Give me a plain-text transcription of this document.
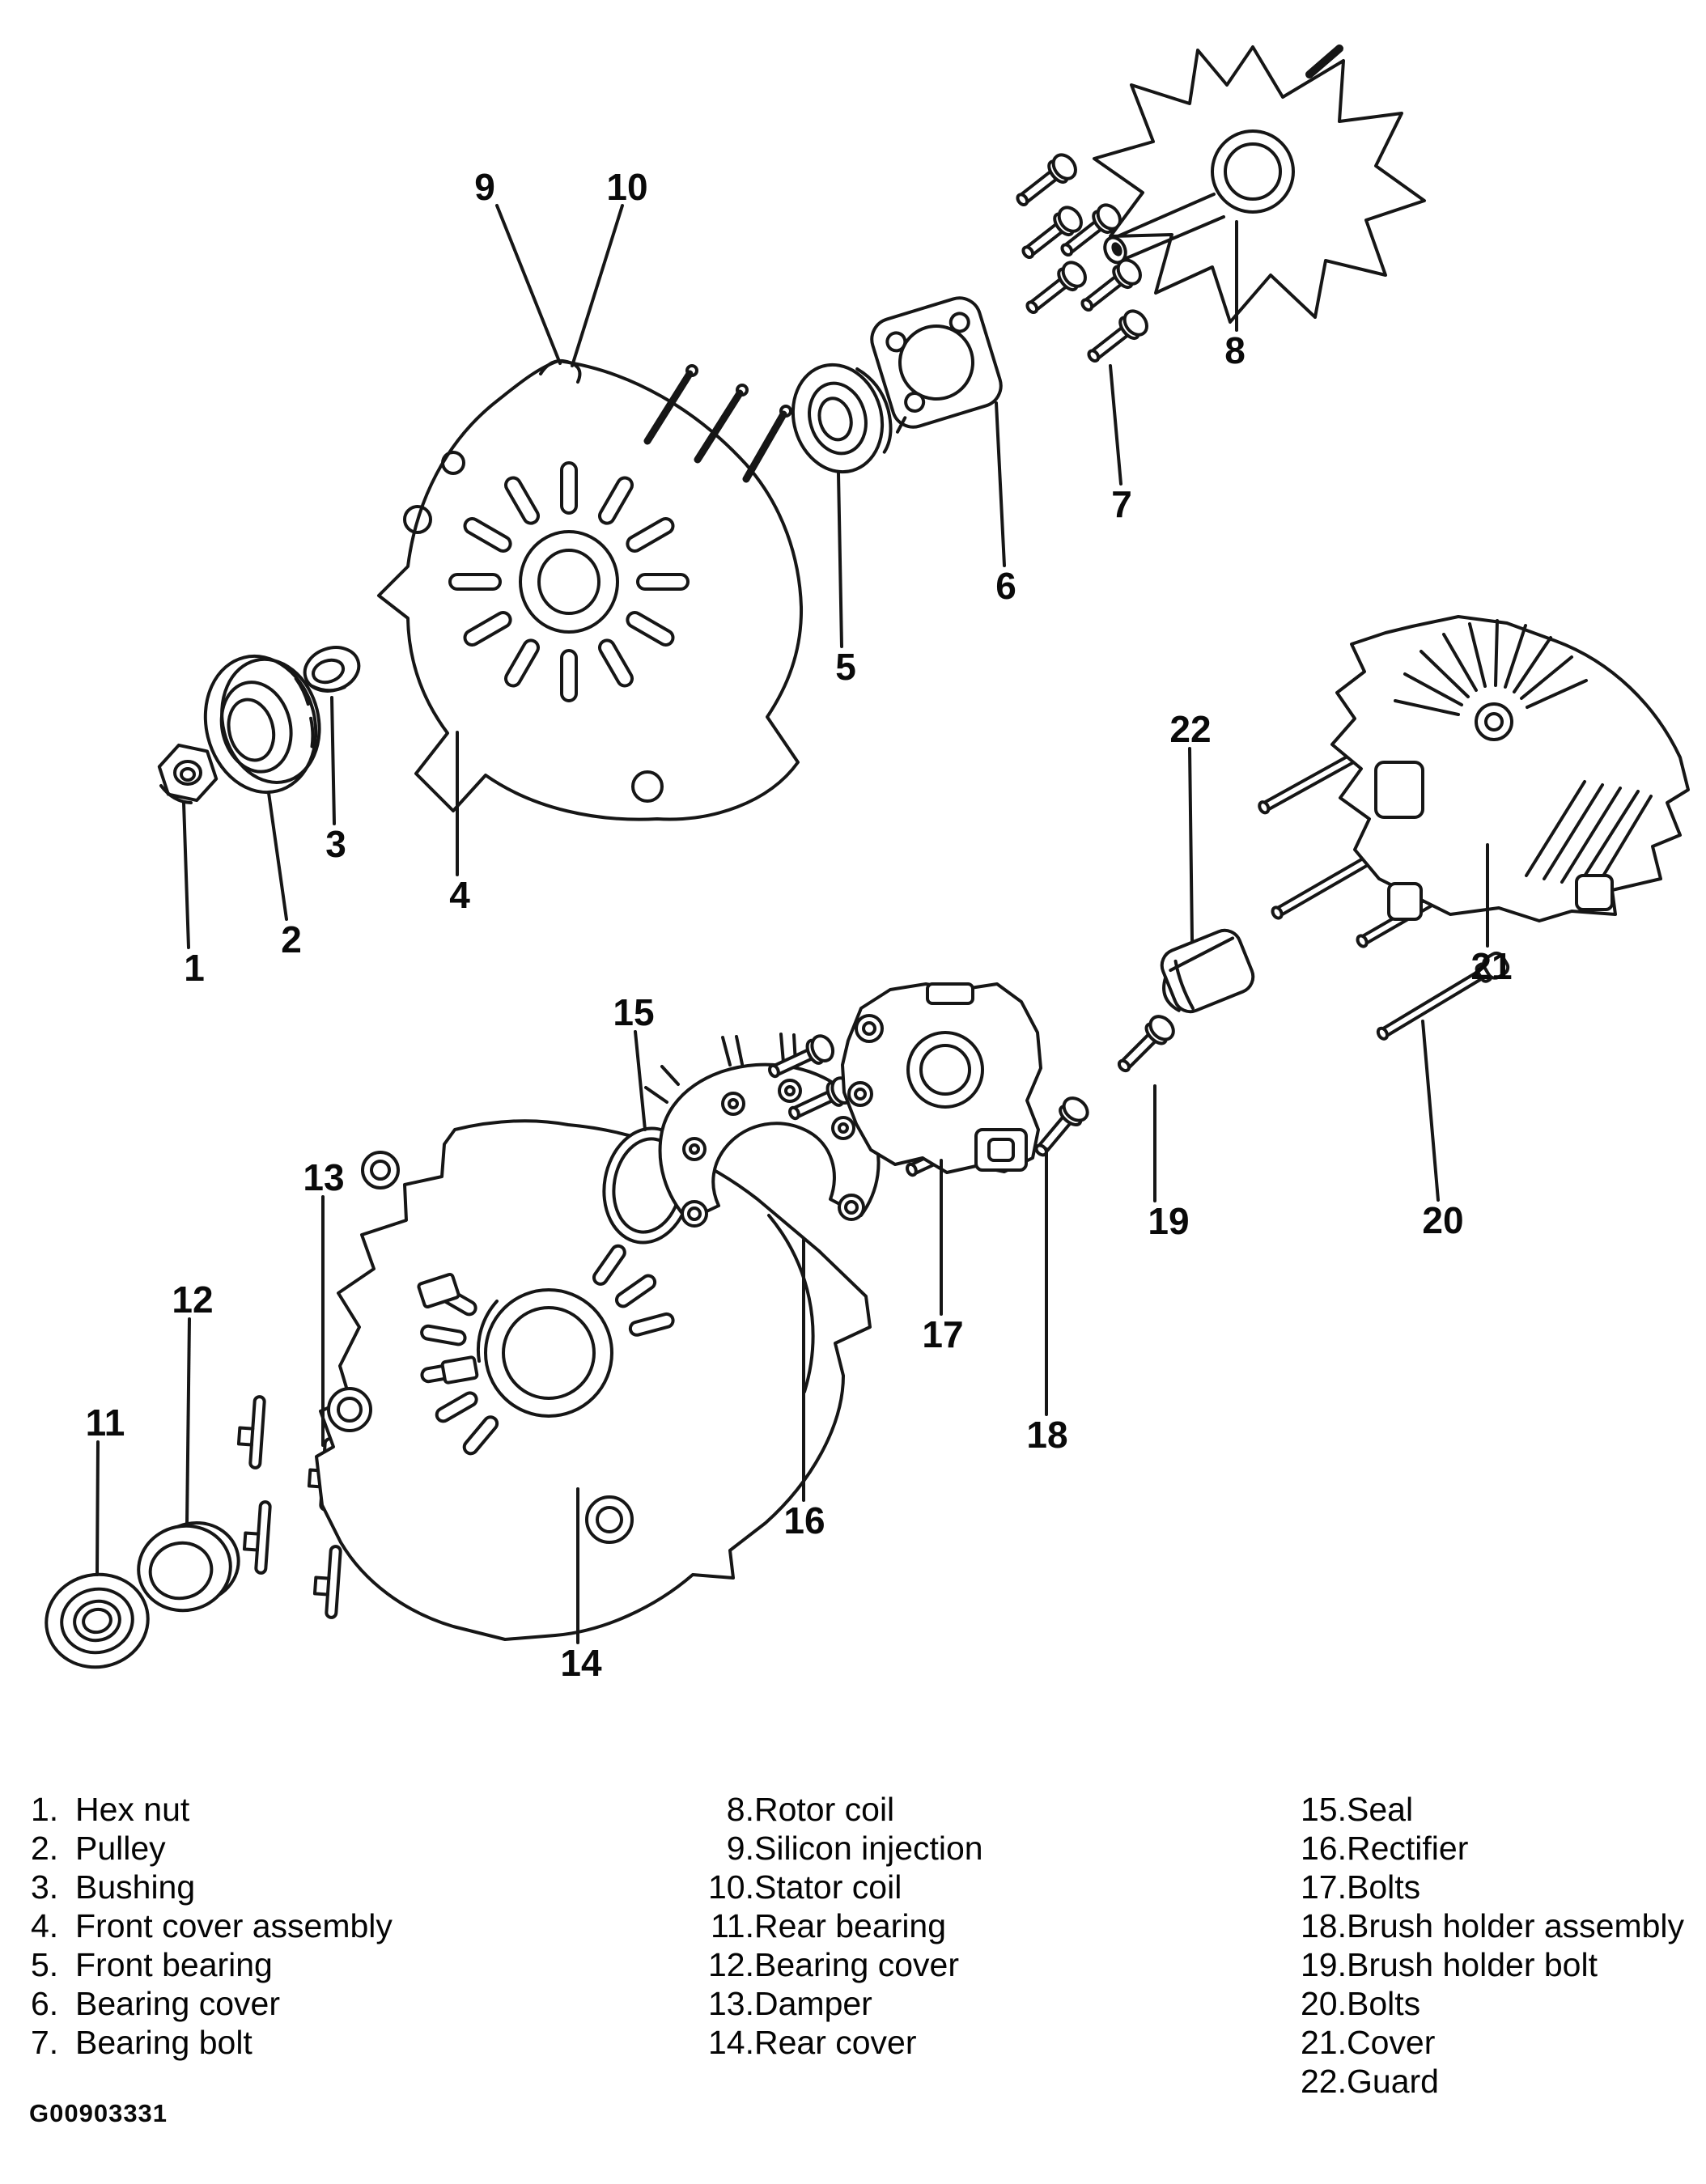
1
2
3
4
5
6
7
8
9	10
11
12
13
14
15
16
17
18
19	20
21
22
1. Hex nut
2. Pulley
3. Bushing
4. Front cover assembly
5. Front bearing
6. Bearing cover
7. Bearing bolt
8.Rotor coil
9.Silicon injection
10.Stator coil
11.Rear bearing
12.Bearing cover
13.Damper
14.Rear cover
15.Seal
16.Rectifier
17.Bolts
18.Brush holder assembly
19.Brush holder bolt
20.Bolts
21.Cover
22.Guard
G00903331
